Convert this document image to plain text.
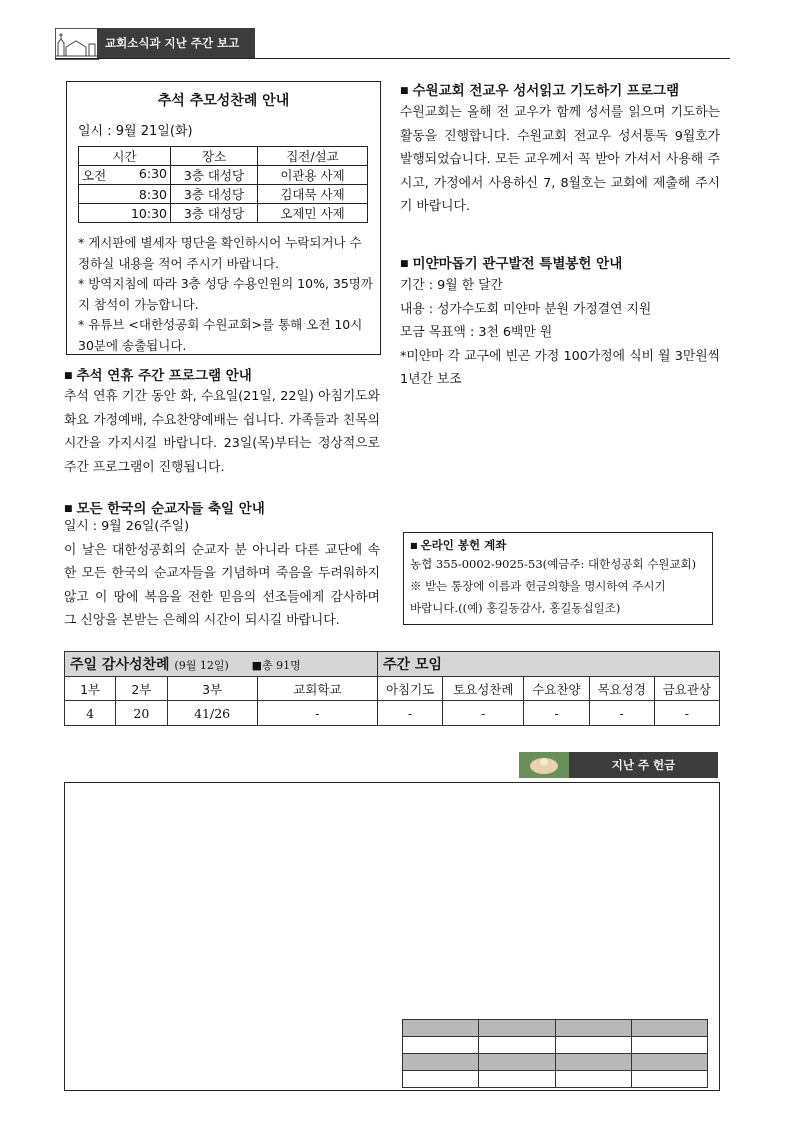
교회소식과 지난 주간 보고
추석 추모성찬례 안내
일시 : 9월 21일(화)
시간	장소	집전/설교

오전 6:30	3층 대성당	이관용 사제
8:30	3층 대성당	김대묵 사제
10:30	3층 대성당	오제민 사제
* 게시판에 별세자 명단을 확인하시어 누락되거나 수정하실 내용을 적어 주시기 바랍니다.
* 방역지침에 따라 3층 성당 수용인원의 10%, 35명까지 참석이 가능합니다.
* 유튜브 <대한성공회 수원교회>를 통해 오전 10시 30분에 송출됩니다.
■ 추석 연휴 주간 프로그램 안내
추석 연휴 기간 동안 화, 수요일(21일, 22일) 아침기도와 화요 가정예배, 수요찬양예배는 쉽니다. 가족들과 친목의 시간을 가지시길 바랍니다. 23일(목)부터는 정상적으로 주간 프로그램이 진행됩니다.
■ 모든 한국의 순교자들 축일 안내
일시 : 9월 26일(주일)
이 날은 대한성공회의 순교자 분 아니라 다른 교단에 속한 모든 한국의 순교자들을 기념하며 죽음을 두려워하지 않고 이 땅에 복음을 전한 믿음의 선조들에게 감사하며 그 신앙을 본받는 은혜의 시간이 되시길 바랍니다.
■ 수원교회 전교우 성서읽고 기도하기 프로그램
수원교회는 올해 전 교우가 함께 성서를 읽으며 기도하는 활동을 진행합니다. 수원교회 전교우 성서통독 9월호가 발행되었습니다. 모든 교우께서 꼭 받아 가셔서 사용해 주시고, 가정에서 사용하신 7, 8월호는 교회에 제출해 주시기 바랍니다.
■ 미얀마돕기 관구발전 특별봉헌 안내
기간 : 9월 한 달간
내용 : 성가수도회 미얀마 분원 가정결연 지원
모금 목표액 : 3천 6백만 원
*미얀마 각 교구에 빈곤 가정 100가정에 식비 월 3만원씩 1년간 보조
■ 온라인 봉헌 계좌
농협 355-0002-9025-53(예금주: 대한성공회 수원교회)
※ 받는 통장에 이름과 헌금의향을 명시하여 주시기
바랍니다.((예) 홍길동감사, 홍길동십일조)
주일 감사성찬례 (9월 12일) ■총 91명				주간 모임				
1부	2부	3부	교회학교	아침기도	토요성찬례	수요찬양	목요성경	금요관상
4	20	41/26	-	-	-	-	-	-
지난 주 헌금
